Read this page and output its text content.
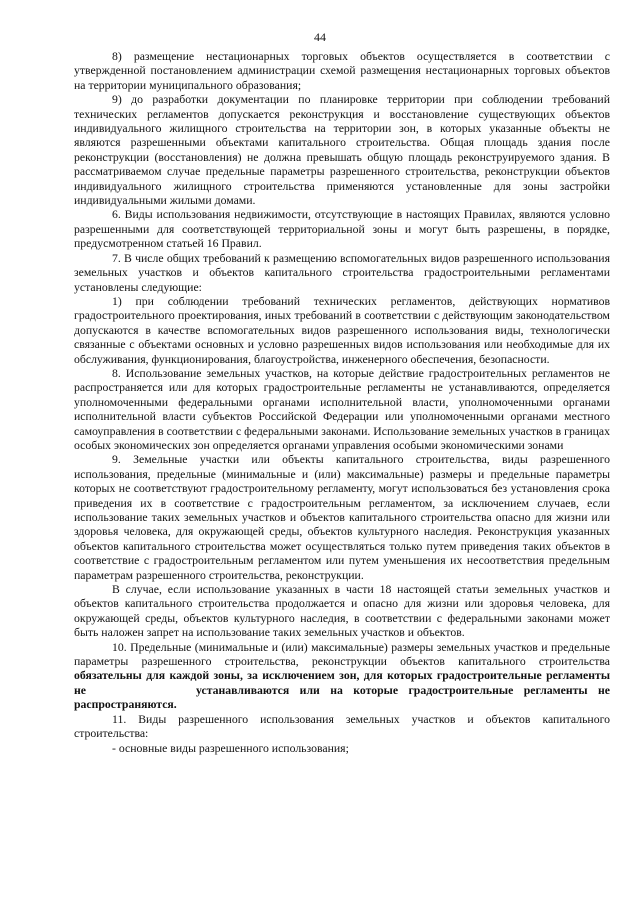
44

8) размещение нестационарных торговых объектов осуществляется в соответствии с утвержденной постановлением администрации схемой размещения нестационарных торговых объектов на территории муниципального образования;

9) до разработки документации по планировке территории при соблюдении требований технических регламентов допускается реконструкция и восстановление существующих объектов индивидуального жилищного строительства на территории зон, в которых указанные объекты не являются разрешенными объектами капитального строительства. Общая площадь здания после реконструкции (восстановления) не должна превышать общую площадь реконструируемого здания. В рассматриваемом случае предельные параметры разрешенного строительства, реконструкции объектов индивидуального жилищного строительства применяются установленные для зоны застройки индивидуальными жилыми домами.

6. Виды использования недвижимости, отсутствующие в настоящих Правилах, являются условно разрешенными для соответствующей территориальной зоны и могут быть разрешены, в порядке, предусмотренном статьей 16 Правил.

7. В числе общих требований к размещению вспомогательных видов разрешенного использования земельных участков и объектов капитального строительства градостроительными регламентами установлены следующие:

1) при соблюдении требований технических регламентов, действующих нормативов градостроительного проектирования, иных требований в соответствии с действующим законодательством допускаются в качестве вспомогательных видов разрешенного использования виды, технологически связанные с объектами основных и условно разрешенных видов использования или необходимые для их обслуживания, функционирования, благоустройства, инженерного обеспечения, безопасности.

8. Использование земельных участков, на которые действие градостроительных регламентов не распространяется или для которых градостроительные регламенты не устанавливаются, определяется уполномоченными федеральными органами исполнительной власти, уполномоченными органами исполнительной власти субъектов Российской Федерации или уполномоченными органами местного самоуправления в соответствии с федеральными законами. Использование земельных участков в границах особых экономических зон определяется органами управления особыми экономическими зонами

9. Земельные участки или объекты капитального строительства, виды разрешенного использования, предельные (минимальные и (или) максимальные) размеры и предельные параметры которых не соответствуют градостроительному регламенту, могут использоваться без установления срока приведения их в соответствие с градостроительным регламентом, за исключением случаев, если использование таких земельных участков и объектов капитального строительства опасно для жизни или здоровья человека, для окружающей среды, объектов культурного наследия. Реконструкция указанных объектов капитального строительства может осуществляться только путем приведения таких объектов в соответствие с градостроительным регламентом или путем уменьшения их несоответствия предельным параметрам разрешенного строительства, реконструкции.

В случае, если использование указанных в части 18 настоящей статьи земельных участков и объектов капитального строительства продолжается и опасно для жизни или здоровья человека, для окружающей среды, объектов культурного наследия, в соответствии с федеральными законами может быть наложен запрет на использование таких земельных участков и объектов.

10. Предельные (минимальные и (или) максимальные) размеры земельных участков и предельные параметры разрешенного строительства, реконструкции объектов капитального строительства обязательны для каждой зоны, за исключением зон, для которых градостроительные регламенты не	устанавливаются или на которые градостроительные регламенты не распространяются.

11. Виды разрешенного использования земельных участков и объектов капитального строительства:

- основные виды разрешенного использования;
